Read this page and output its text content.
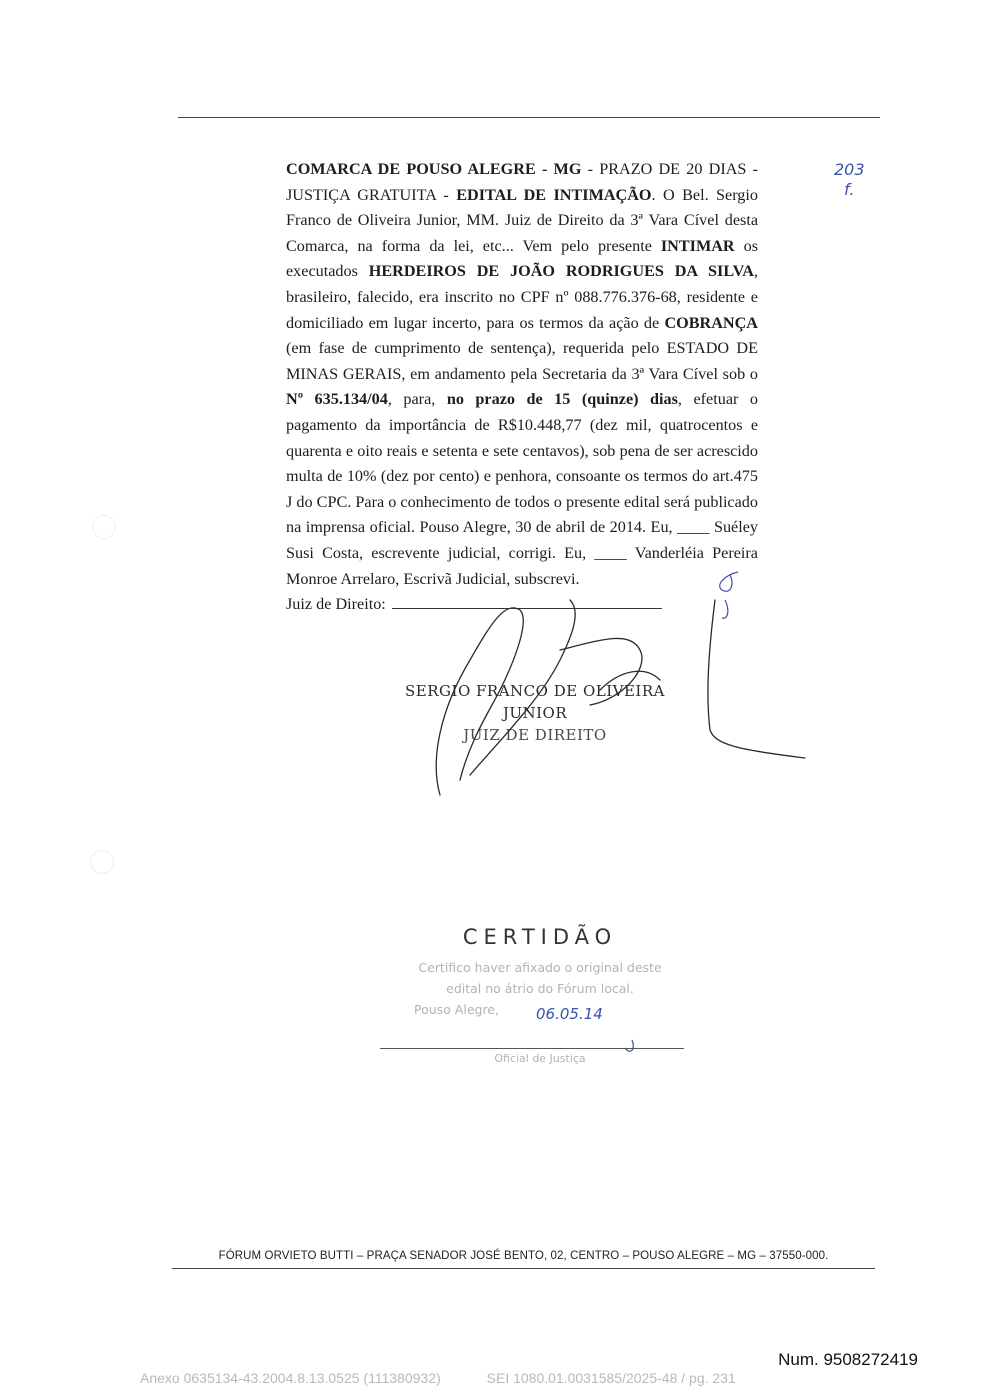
203
f.

COMARCA DE POUSO ALEGRE - MG - PRAZO DE 20 DIAS - JUSTIÇA GRATUITA - EDITAL DE INTIMAÇÃO. O Bel. Sergio Franco de Oliveira Junior, MM. Juiz de Direito da 3ª Vara Cível desta Comarca, na forma da lei, etc... Vem pelo presente INTIMAR os executados HERDEIROS DE JOÃO RODRIGUES DA SILVA, brasileiro, falecido, era inscrito no CPF nº 088.776.376-68, residente e domiciliado em lugar incerto, para os termos da ação de COBRANÇA (em fase de cumprimento de sentença), requerida pelo ESTADO DE MINAS GERAIS, em andamento pela Secretaria da 3ª Vara Cível sob o Nº 635.134/04, para, no prazo de 15 (quinze) dias, efetuar o pagamento da importância de R$10.448,77 (dez mil, quatrocentos e quarenta e oito reais e setenta e sete centavos), sob pena de ser acrescido multa de 10% (dez por cento) e penhora, consoante os termos do art.475 J do CPC. Para o conhecimento de todos o presente edital será publicado na imprensa oficial. Pouso Alegre, 30 de abril de 2014. Eu, ____ Suéley Susi Costa, escrevente judicial, corrigi. Eu, ____ Vanderléia Pereira Monroe Arrelaro, Escrivã Judicial, subscrevi.

Juiz de Direito:

SERGIO FRANCO DE OLIVEIRA JUNIOR
JUIZ DE DIREITO
CERTIDÃO
Certifico haver afixado o original deste
edital no átrio do Fórum local.
Pouso Alegre,	06.05.14
Oficial de Justiça
FÓRUM ORVIETO BUTTI – PRAÇA SENADOR JOSÉ BENTO, 02, CENTRO – POUSO ALEGRE – MG – 37550-000.
Num. 9508272419
Anexo 0635134-43.2004.8.13.0525 (111380932)	SEI 1080.01.0031585/2025-48 / pg. 231
